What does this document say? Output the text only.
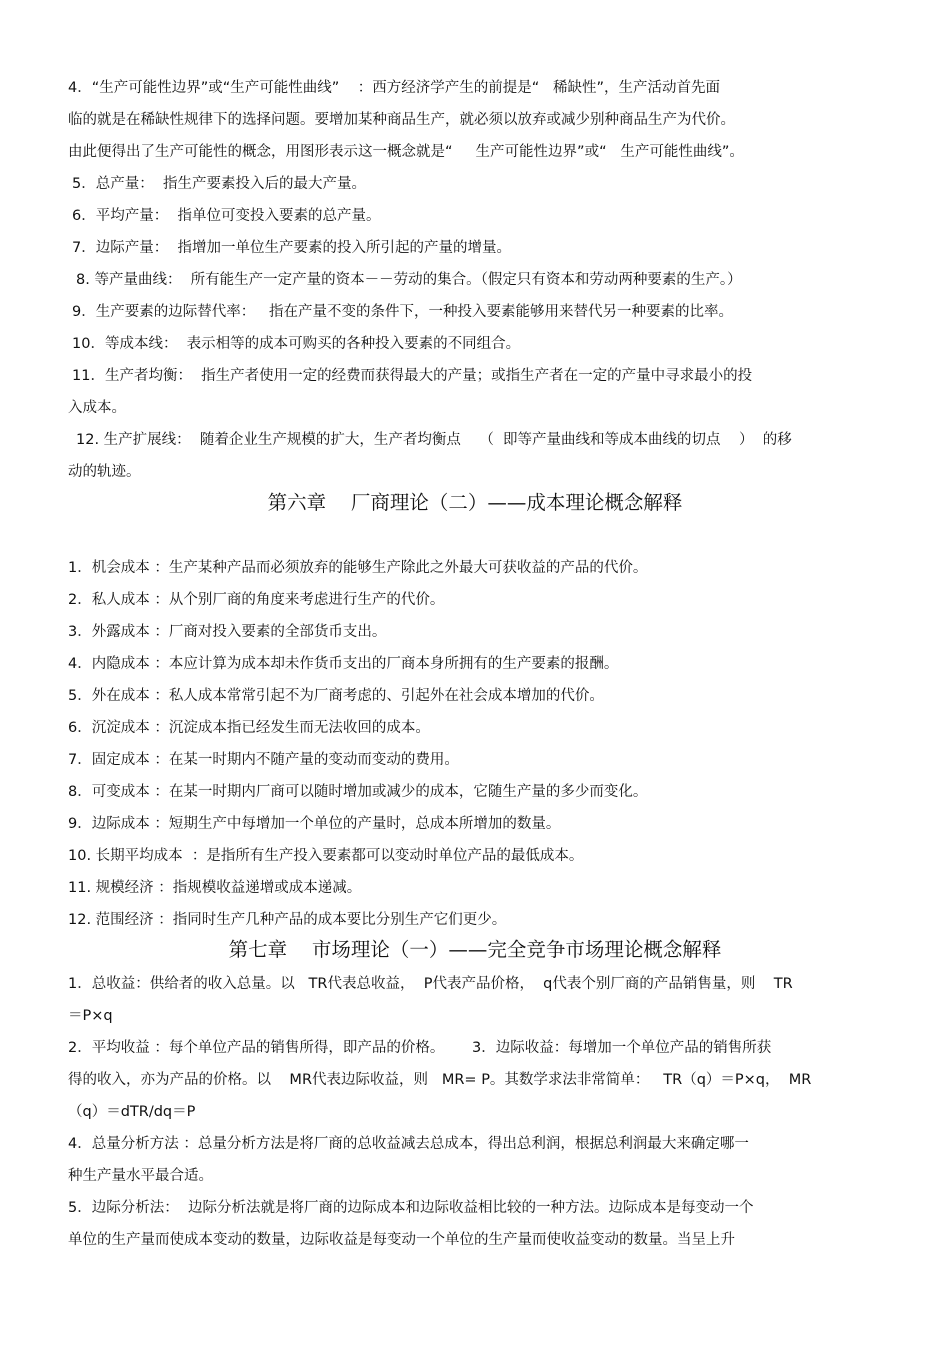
4．“生产可能性边界”或“生产可能性曲线”    ：西方经济学产生的前提是“   稀缺性”，生产活动首先面
临的就是在稀缺性规律下的选择问题。要增加某种商品生产，就必须以放弃或减少别种商品生产为代价。
由此便得出了生产可能性的概念，用图形表示这一概念就是“     生产可能性边界”或“   生产可能性曲线”。
5．总产量：  指生产要素投入后的最大产量。
6．平均产量：  指单位可变投入要素的总产量。
7．边际产量：  指增加一单位生产要素的投入所引起的产量的增量。
8. 等产量曲线：  所有能生产一定产量的资本－－劳动的集合。（假定只有资本和劳动两种要素的生产。）
9．生产要素的边际替代率：   指在产量不变的条件下，一种投入要素能够用来替代另一种要素的比率。
10．等成本线：  表示相等的成本可购买的各种投入要素的不同组合。
11．生产者均衡：  指生产者使用一定的经费而获得最大的产量；或指生产者在一定的产量中寻求最小的投
入成本。
12. 生产扩展线：  随着企业生产规模的扩大，生产者均衡点    （  即等产量曲线和等成本曲线的切点    ）  的移
动的轨迹。
第六章    厂商理论（二）——成本理论概念解释
1．机会成本 ：生产某种产品而必须放弃的能够生产除此之外最大可获收益的产品的代价。
2．私人成本 ：从个别厂商的角度来考虑进行生产的代价。
3．外露成本 ：厂商对投入要素的全部货币支出。
4．内隐成本 ：本应计算为成本却未作货币支出的厂商本身所拥有的生产要素的报酬。
5．外在成本 ：私人成本常常引起不为厂商考虑的、引起外在社会成本增加的代价。
6．沉淀成本 ：沉淀成本指已经发生而无法收回的成本。
7．固定成本 ：在某一时期内不随产量的变动而变动的费用。
8．可变成本 ：在某一时期内厂商可以随时增加或减少的成本，它随生产量的多少而变化。
9．边际成本 ：短期生产中每增加一个单位的产量时，总成本所增加的数量。
10. 长期平均成本  ：是指所有生产投入要素都可以变动时单位产品的最低成本。
11. 规模经济 ：指规模收益递增或成本递减。
12. 范围经济 ：指同时生产几种产品的成本要比分别生产它们更少。
第七章    市场理论（一）——完全竞争市场理论概念解释
1．总收益：供给者的收入总量。以   TR代表总收益，  P代表产品价格，  q代表个别厂商的产品销售量，则    TR
＝P×q
2．平均收益 ：每个单位产品的销售所得，即产品的价格。      3．边际收益：每增加一个单位产品的销售所获
得的收入，亦为产品的价格。以    MR代表边际收益，则   MR= P。其数学求法非常简单：   TR（q）＝P×q，  MR
（q）＝dTR/dq＝P
4．总量分析方法 ：总量分析方法是将厂商的总收益减去总成本，得出总利润，根据总利润最大来确定哪一
种生产量水平最合适。
5．边际分析法：  边际分析法就是将厂商的边际成本和边际收益相比较的一种方法。边际成本是每变动一个
单位的生产量而使成本变动的数量，边际收益是每变动一个单位的生产量而使收益变动的数量。当呈上升
